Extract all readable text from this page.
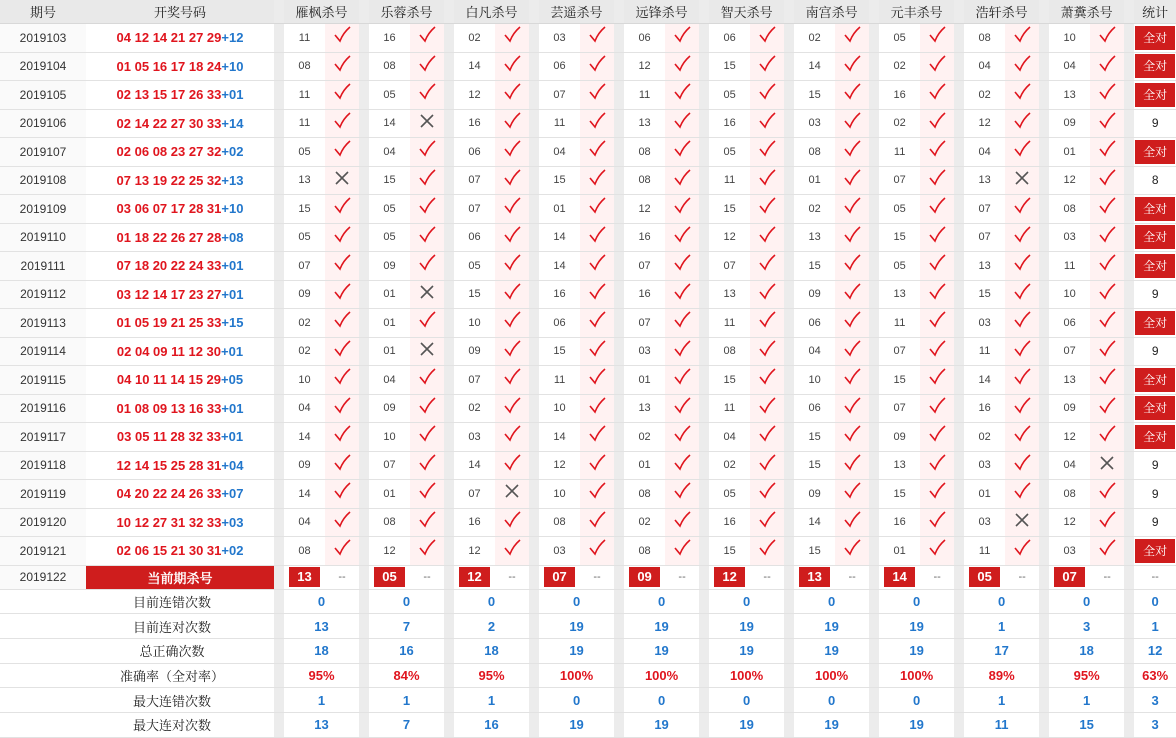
期号	开奖号码		雁枫杀号			乐蓉杀号			白凡杀号			芸遥杀号			远锋杀号			智天杀号			南宫杀号			元丰杀号			浩轩杀号			萧糞杀号			统计
2019103	04 12 14 21 27 29+12		11			16			02			03			06			06			02			05			08			10			全对
2019104	01 05 16 17 18 24+10		08			08			14			06			12			15			14			02			04			04			全对
2019105	02 13 15 17 26 33+01		11			05			12			07			11			05			15			16			02			13			全对
2019106	02 14 22 27 30 33+14		11			14			16			11			13			16			03			02			12			09			9
2019107	02 06 08 23 27 32+02		05			04			06			04			08			05			08			11			04			01			全对
2019108	07 13 19 22 25 32+13		13			15			07			15			08			11			01			07			13			12			8
2019109	03 06 07 17 28 31+10		15			05			07			01			12			15			02			05			07			08			全对
2019110	01 18 22 26 27 28+08		05			05			06			14			16			12			13			15			07			03			全对
2019111	07 18 20 22 24 33+01		07			09			05			14			07			07			15			05			13			11			全对
2019112	03 12 14 17 23 27+01		09			01			15			16			16			13			09			13			15			10			9
2019113	01 05 19 21 25 33+15		02			01			10			06			07			11			06			11			03			06			全对
2019114	02 04 09 11 12 30+01		02			01			09			15			03			08			04			07			11			07			9
2019115	04 10 11 14 15 29+05		10			04			07			11			01			15			10			15			14			13			全对
2019116	01 08 09 13 16 33+01		04			09			02			10			13			11			06			07			16			09			全对
2019117	03 05 11 28 32 33+01		14			10			03			14			02			04			15			09			02			12			全对
2019118	12 14 15 25 28 31+04		09			07			14			12			01			02			15			13			03			04			9
2019119	04 20 22 24 26 33+07		14			01			07			10			08			05			09			15			01			08			9
2019120	10 12 27 31 32 33+03		04			08			16			08			02			16			14			16			03			12			9
2019121	02 06 15 21 30 31+02		08			12			12			03			08			15			15			01			11			03			全对
2019122	当前期杀号		13	--		05	--		12	--		07	--		09	--		12	--		13	--		14	--		05	--		07	--		--
目前连错次数			0			0			0			0			0			0			0			0			0			0			0
目前连对次数			13			7			2			19			19			19			19			19			1			3			1
总正确次数			18			16			18			19			19			19			19			19			17			18			12
准确率（全对率）			95%			84%			95%			100%			100%			100%			100%			100%			89%			95%			63%
最大连错次数			1			1			1			0			0			0			0			0			1			1			3
最大连对次数			13			7			16			19			19			19			19			19			11			15			3
